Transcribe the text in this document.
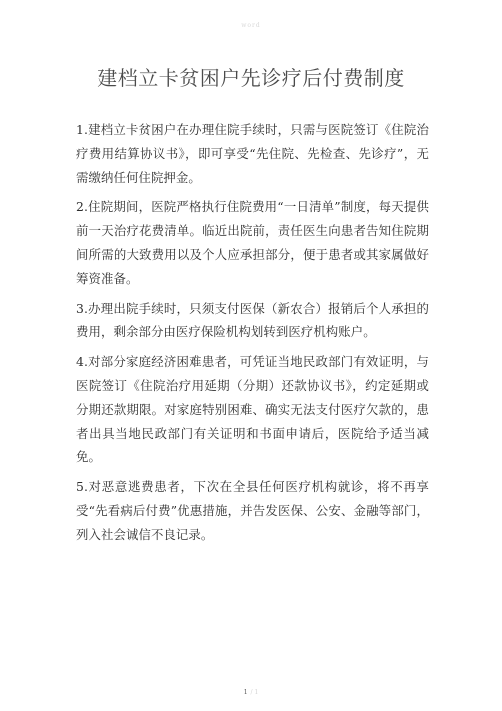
word
建档立卡贫困户先诊疗后付费制度

1.建档立卡贫困户在办理住院手续时，只需与医院签订《住院治疗费用结算协议书》，即可享受“先住院、先检查、先诊疗”，无需缴纳任何住院押金。

2.住院期间，医院严格执行住院费用“一日清单”制度，每天提供前一天治疗花费清单。临近出院前，责任医生向患者告知住院期间所需的大致费用以及个人应承担部分，便于患者或其家属做好筹资准备。

3.办理出院手续时，只须支付医保（新农合）报销后个人承担的费用，剩余部分由医疗保险机构划转到医疗机构账户。

4.对部分家庭经济困难患者，可凭证当地民政部门有效证明，与医院签订《住院治疗用延期（分期）还款协议书》，约定延期或分期还款期限。对家庭特别困难、确实无法支付医疗欠款的，患者出具当地民政部门有关证明和书面申请后，医院给予适当减免。

5.对恶意逃费患者，下次在全县任何医疗机构就诊，将不再享受“先看病后付费”优惠措施，并告发医保、公安、金融等部门，列入社会诚信不良记录。

1 / 1
